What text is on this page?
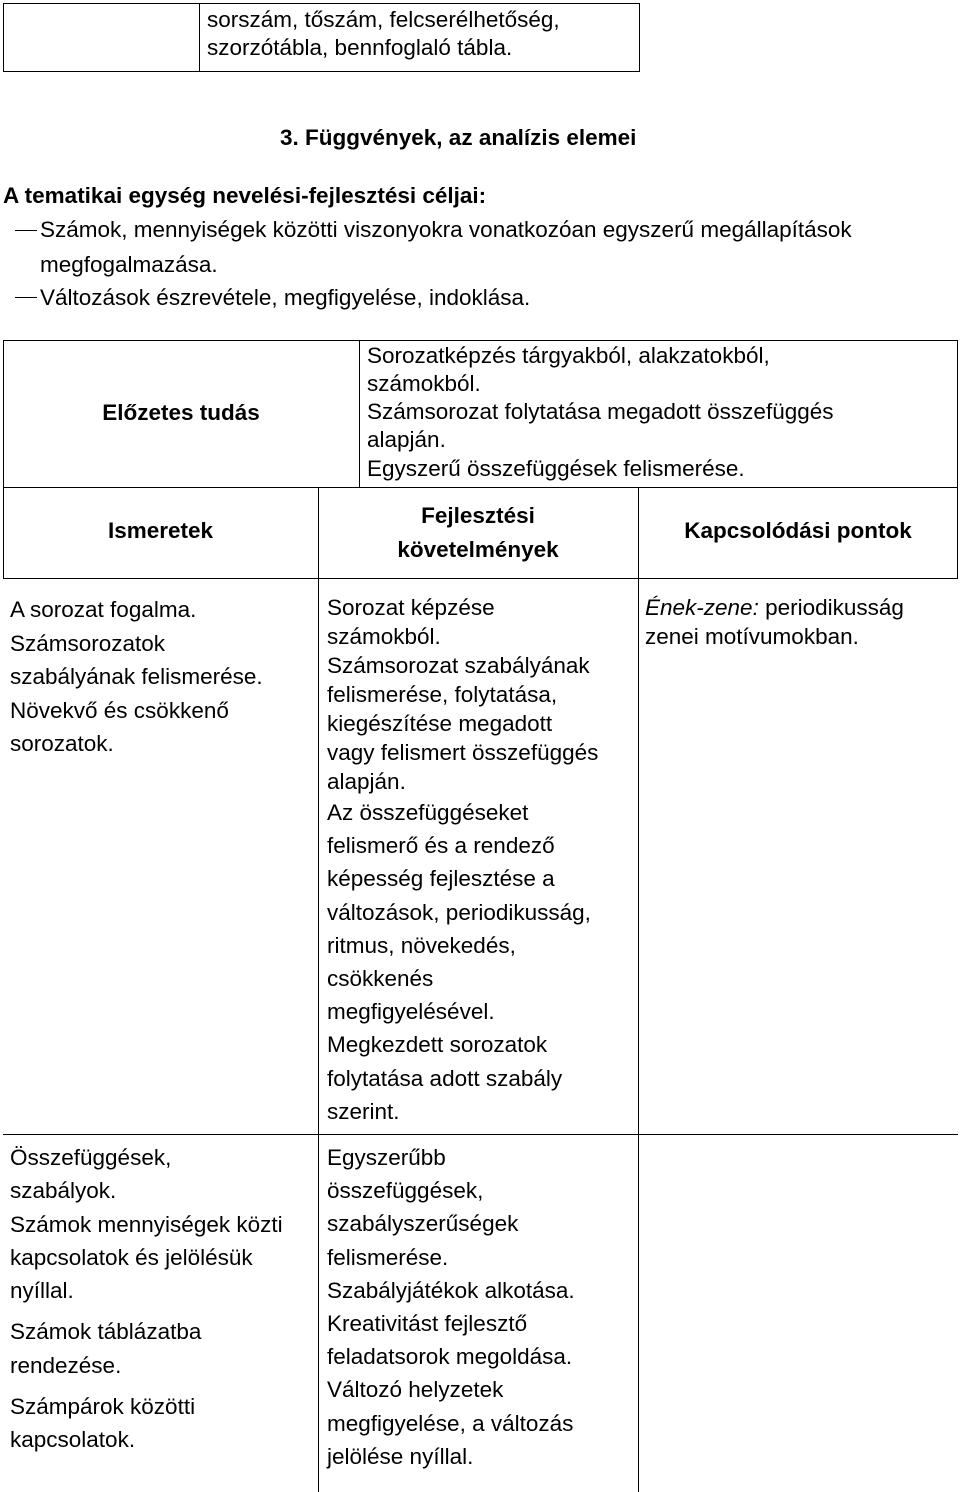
sorszám, tőszám, felcserélhetőség,

szorzótábla, bennfoglaló tábla.

3. Függvények, az analízis elemei
A tematikai egység nevelési-fejlesztési céljai:
Számok, mennyiségek közötti viszonyokra vonatkozóan egyszerű megállapítások
megfogalmazása.
Változások észrevétele, megfigyelése, indoklása.
Előzetes tudás

Sorozatképzés tárgyakból, alakzatokból,

számokból.

Számsorozat folytatása megadott összefüggés

alapján.

Egyszerű összefüggések felismerése.

Ismeretek

Fejlesztési

követelmények

Kapcsolódási pontok

A sorozat fogalma.

Számsorozatok

szabályának felismerése.

Növekvő és csökkenő

sorozatok.

Sorozat képzése

számokból.

Számsorozat szabályának

felismerése, folytatása,

kiegészítése megadott

vagy felismert összefüggés

alapján.

Az összefüggéseket

felismerő és a rendező

képesség fejlesztése a

változások, periodikusság,

ritmus, növekedés,

csökkenés

megfigyelésével.

Megkezdett sorozatok

folytatása adott szabály

szerint.

Ének-zene: periodikusság

zenei motívumokban.

Összefüggések,

szabályok.

Számok mennyiségek közti

kapcsolatok és jelölésük

nyíllal.

Számok táblázatba

rendezése.

Számpárok közötti

kapcsolatok.

Egyszerűbb

összefüggések,

szabályszerűségek

felismerése.

Szabályjátékok alkotása.

Kreativitást fejlesztő

feladatsorok megoldása.

Változó helyzetek

megfigyelése, a változás

jelölése nyíllal.
